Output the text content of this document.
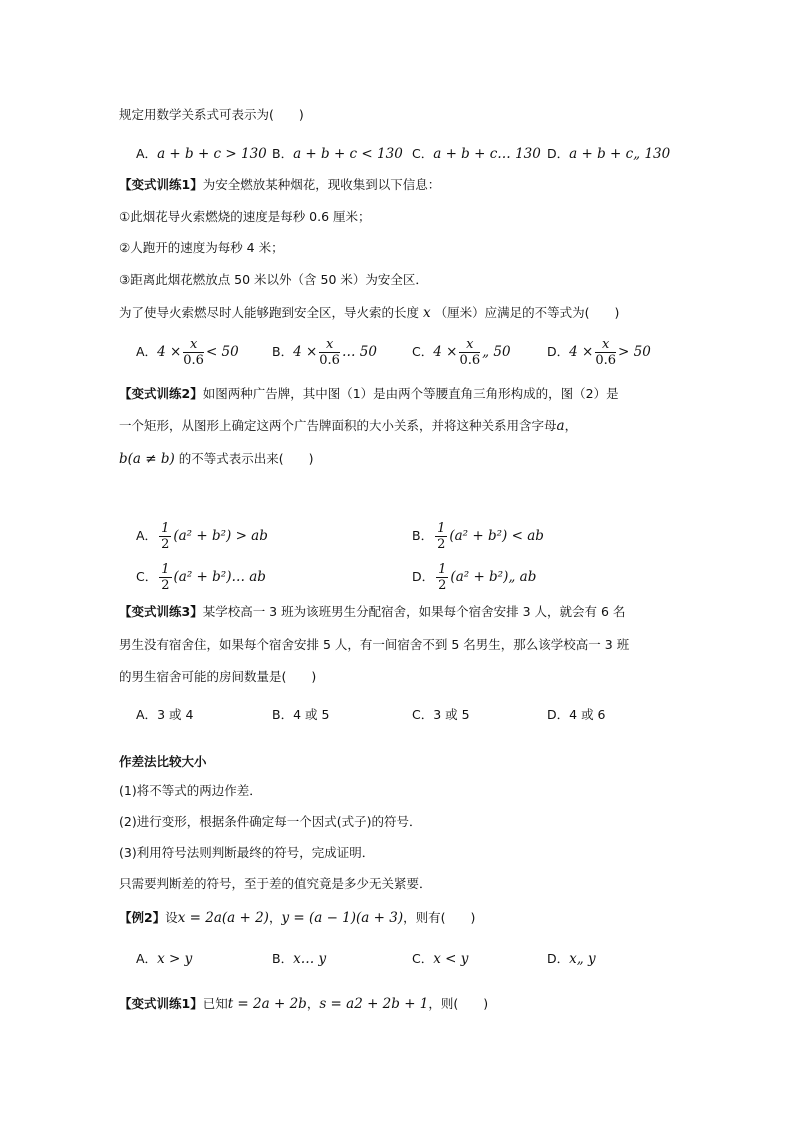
规定用数学关系式可表示为(　　)
A．a + b + c > 130 B．a + b + c < 130 C．a + b + c… 130 D．a + b + c„ 130
【变式训练1】为安全燃放某种烟花，现收集到以下信息：
①此烟花导火索燃烧的速度是每秒 0.6 厘米；
②人跑开的速度为每秒 4 米；
③距离此烟花燃放点 50 米以外（含 50 米）为安全区．
为了使导火索燃尽时人能够跑到安全区，导火索的长度 x （厘米）应满足的不等式为(　　)
A．$4 \times \frac{x}{0.6} < 50$	B．$4 \times \frac{x}{0.6}$ … 50	C．$4 \times \frac{x}{0.6}$ „ 50	D．$4 \times \frac{x}{0.6} > 50$
【变式训练2】如图两种广告牌，其中图（1）是由两个等腰直角三角形构成的，图（2）是
一个矩形，从图形上确定这两个广告牌面积的大小关系，并将这种关系用含字母a，
b(a ≠ b) 的不等式表示出来(　　)
A． $\frac{1}{2} (a^2 + b^2)$ > ab	B． $\frac{1}{2} (a^2 + b^2)$ < ab
C． $\frac{1}{2} (a^2$ + b²)… ab	D． $\frac{1}{2} (a^2$ + b²)„ ab
【变式训练3】某学校高一 3 班为该班男生分配宿舍，如果每个宿舍安排 3 人，就会有 6 名
男生没有宿舍住，如果每个宿舍安排 5 人，有一间宿舍不到 5 名男生，那么该学校高一 3 班
的男生宿舍可能的房间数量是(　　)
A．3 或 4	B．4 或 5	C．3 或 5	D．4 或 6
作差法比较大小
(1)将不等式的两边作差．
(2)进行变形，根据条件确定每一个因式(式子)的符号．
(3)利用符号法则判断最终的符号，完成证明．
只需要判断差的符号，至于差的值究竟是多少无关紧要．
【例2】设x = 2a(a + 2)，y = (a − 1)(a + 3)，则有(　　)
A．x > y	B．x… y	C．x < y	D．x„ y
【变式训练1】已知t = 2a + 2b，s = a2 + 2b + 1，则(　　)
